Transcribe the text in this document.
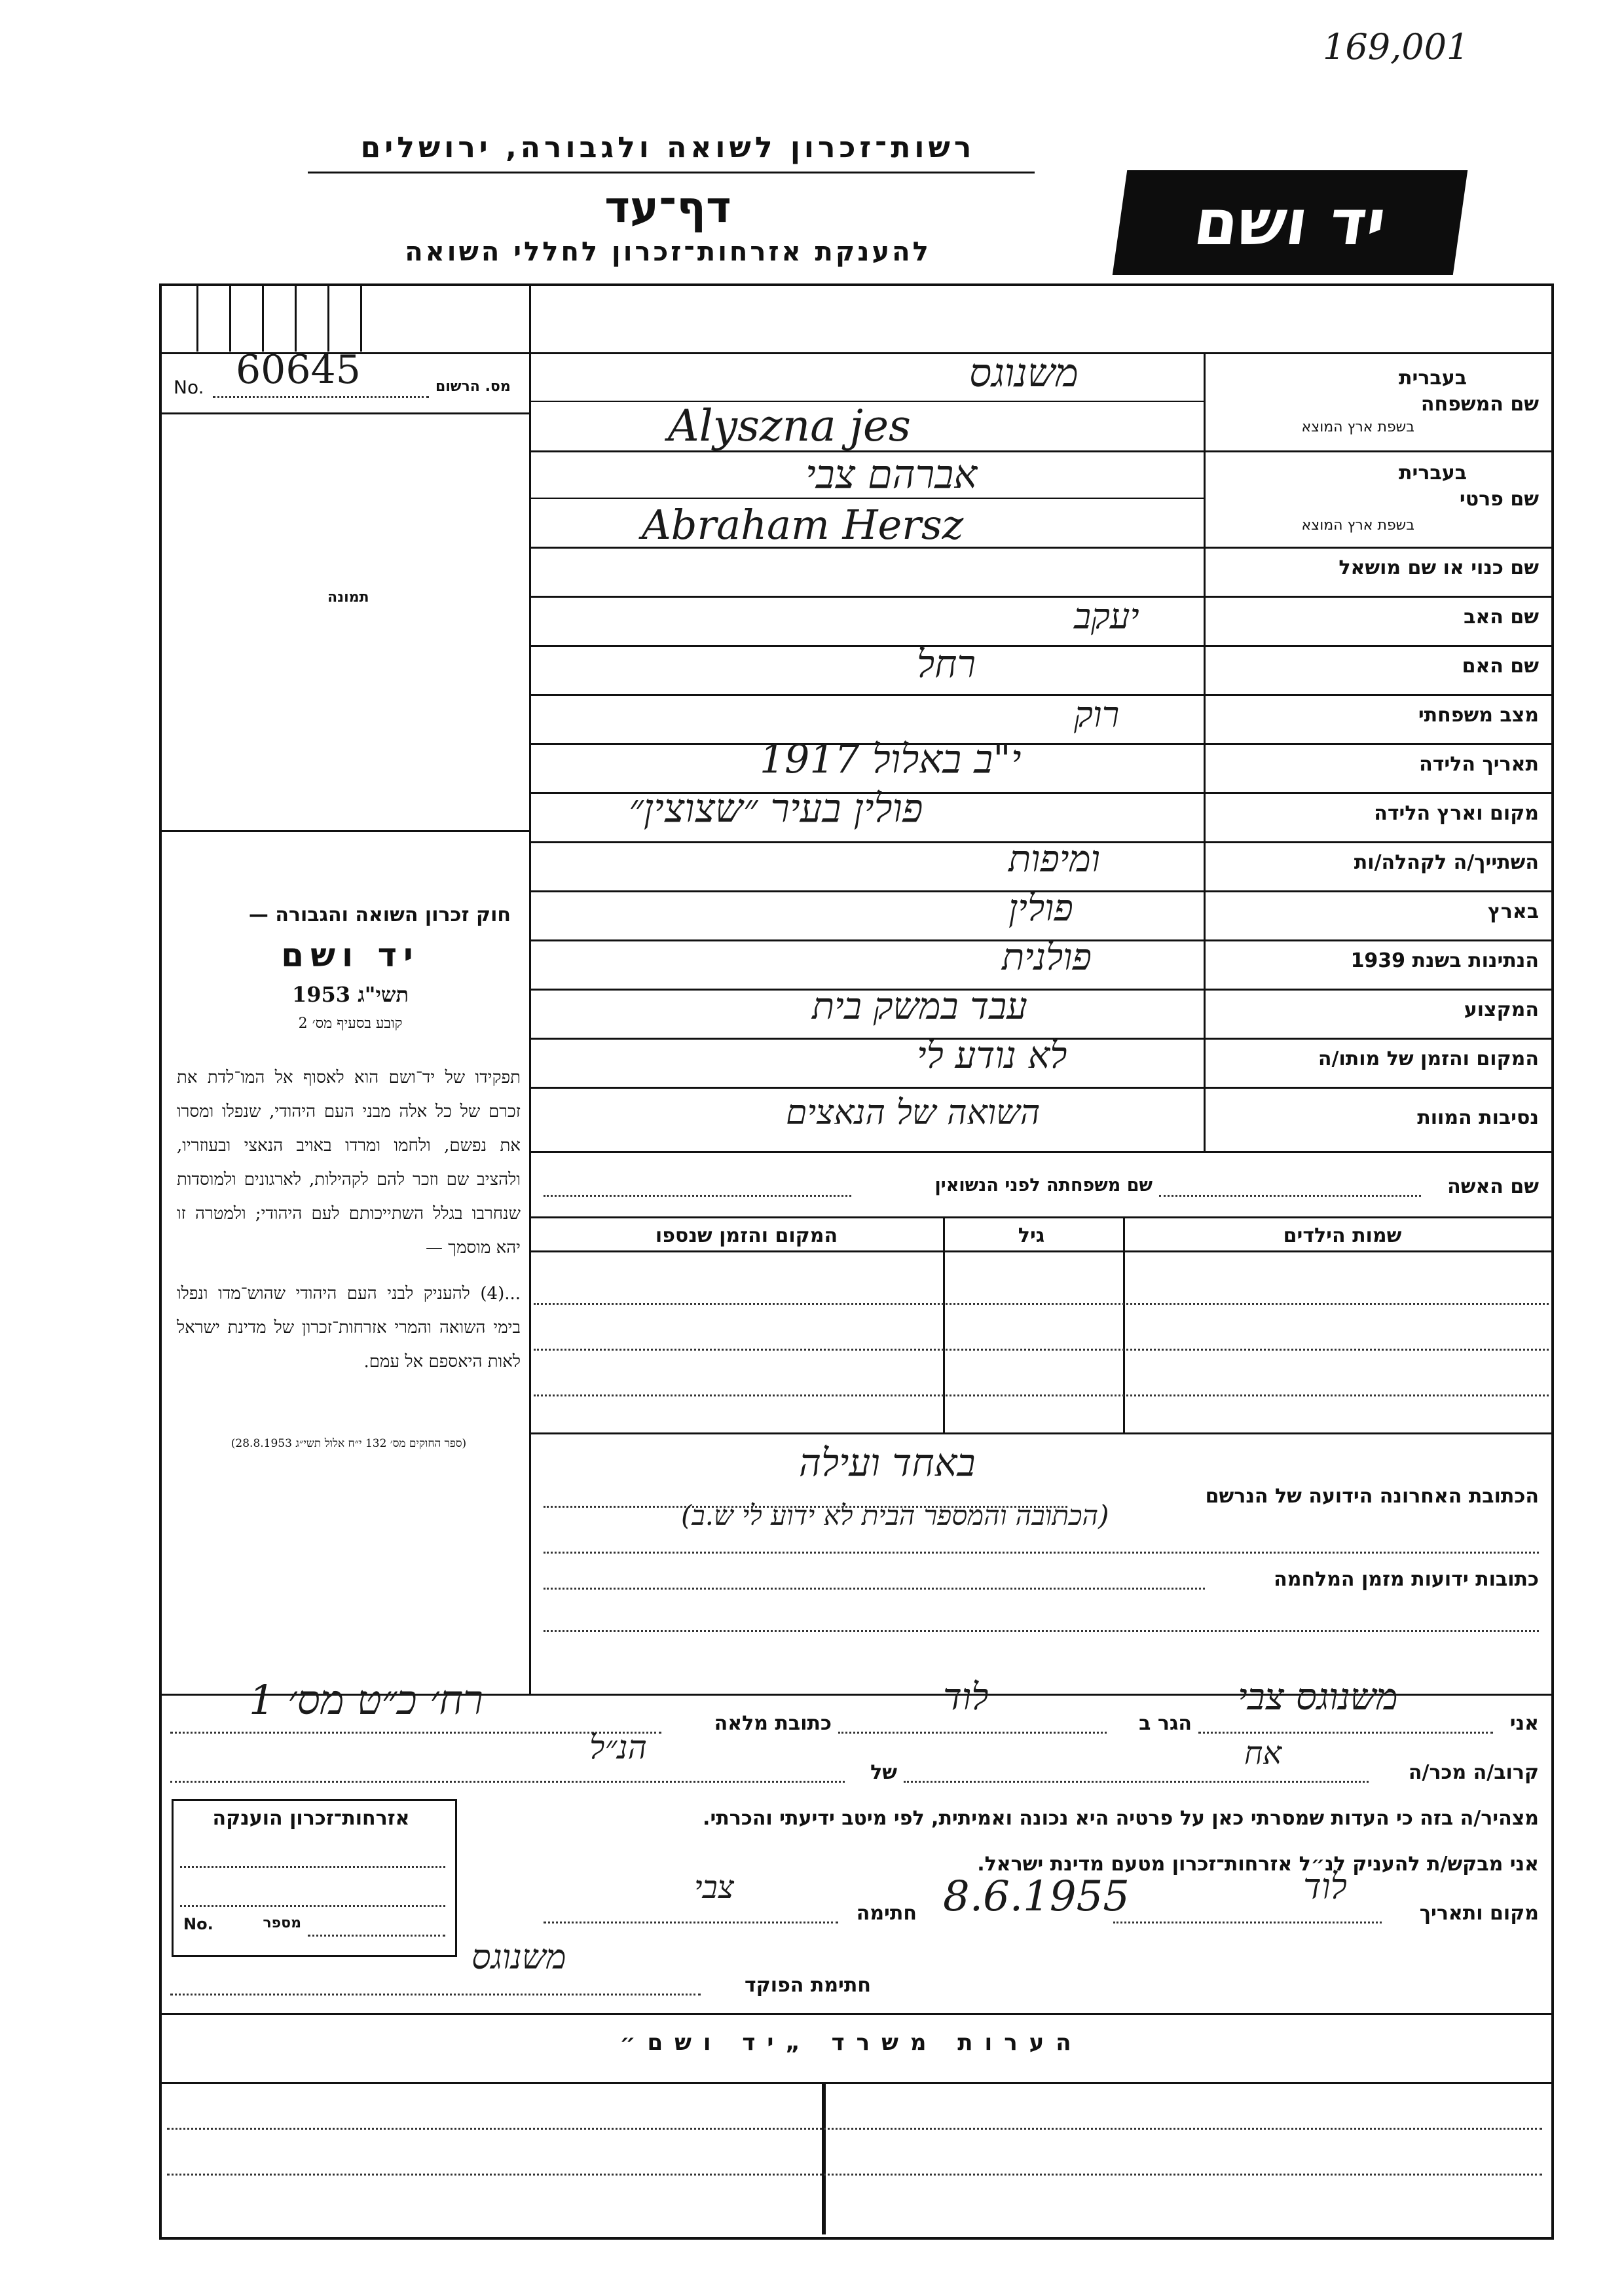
169,001
יד ושם
רשות־זכרון לשואה ולגבורה, ירושלים
דף־עד
להענקת אזרחות־זכרון לחללי השואה
No. 60645	מס. הרשום
תמונה
חוק זכרון השואה והגבורה —
יד ושם
תשי"ג 1953
קובע בסעיף מס׳ 2
תפקידו של יד־ושם הוא לאסוף אל המו־לדת את זכרם של כל אלה מבני העם היהודי, שנפלו ומסרו את נפשם, ולחמו ומרדו באויב הנאצי ובעוזריו, ולהציב שם וזכר להם לקהילות, לארגונים ולמוסדות שנחרבו בגלל השתייכותם לעם היהודי; ולמטרה זו יהא מוסמך —
...(4) להעניק לבני העם היהודי שהוש־מדו ונפלו בימי השואה והמרי אזרחות־זכרון של מדינת ישראל לאות היאספם אל עמם.
(ספר החוקים מס׳ 132 י״ח אלול תשי״ג 28.8.1953)
בעברית
שם המשפחה
בשפת ארץ המוצא
משנוגס
Alyszna jes
בעברית
שם פרטי
בשפת ארץ המוצא
אברהם צבי
Abraham Hersz
שם כנוי או שם מושאל
שם האב
יעקב
שם האם
רחל
מצב משפחתי
רוק
תאריך הלידה
י"ב באלול 1917
מקום וארץ הלידה
פולין בעיר ״שצוצין״
השתייך/ה לקהלה/ות
ומיפות
בארץ
פולין
הנתינות בשנת 1939
פולנית
המקצוע
עבד במשק בית
המקום והזמן של מותו/ה
לא נודע לי
נסיבות המוות
השואה של הנאצים
שם האשה
שם משפחתה לפני הנשואין
שמות הילדים
גיל
המקום והזמן שנספו
הכתובת האחרונה הידועה של הנרשם
באחד ועילה
(הכתובה והמספר הבית לא ידוע לי ש.ב)
כתובות ידועות מזמן המלחמה
אני
משנוגס צבי
הגר ב
לוד
כתובת מלאה
רח׳ כ״ט מס׳ 1
קרוב/ה מכר/ה
אח
של
הנ״ל
מצהיר/ה בזה כי העדות שמסרתי כאן על פרטיה היא נכונה ואמיתית, לפי מיטב ידיעתי והכרתי.
אני מבקש/ת להעניק לנ״ל אזרחות־זכרון מטעם מדינת ישראל.
מקום ותאריך
לוד
8.6.1955
חתימה
צבי
אזרחות־זכרון הוענקה
No.	מספר
חתימת הפוקד
משנוגס
הערות משרד „יד ושם״
